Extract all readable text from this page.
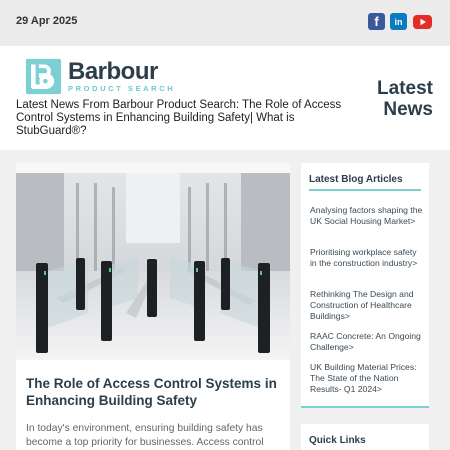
29 Apr 2025	f	in
Barbour
PRODUCT SEARCH
Latest News From Barbour Product Search: The Role of Access Control Systems in Enhancing Building Safety| What is StubGuard®?
Latest
News
The Role of Access Control Systems in Enhancing Building Safety
In today's environment, ensuring building safety has become a top priority for businesses. Access control
Latest Blog Articles
Analysing factors shaping the UK Social Housing Market>
Prioritising workplace safety in the construction industry>
Rethinking The Design and Construction of Healthcare Buildings>
RAAC Concrete: An Ongoing Challenge>
UK Building Material Prices: The State of the Nation Results- Q1 2024>
Quick Links
